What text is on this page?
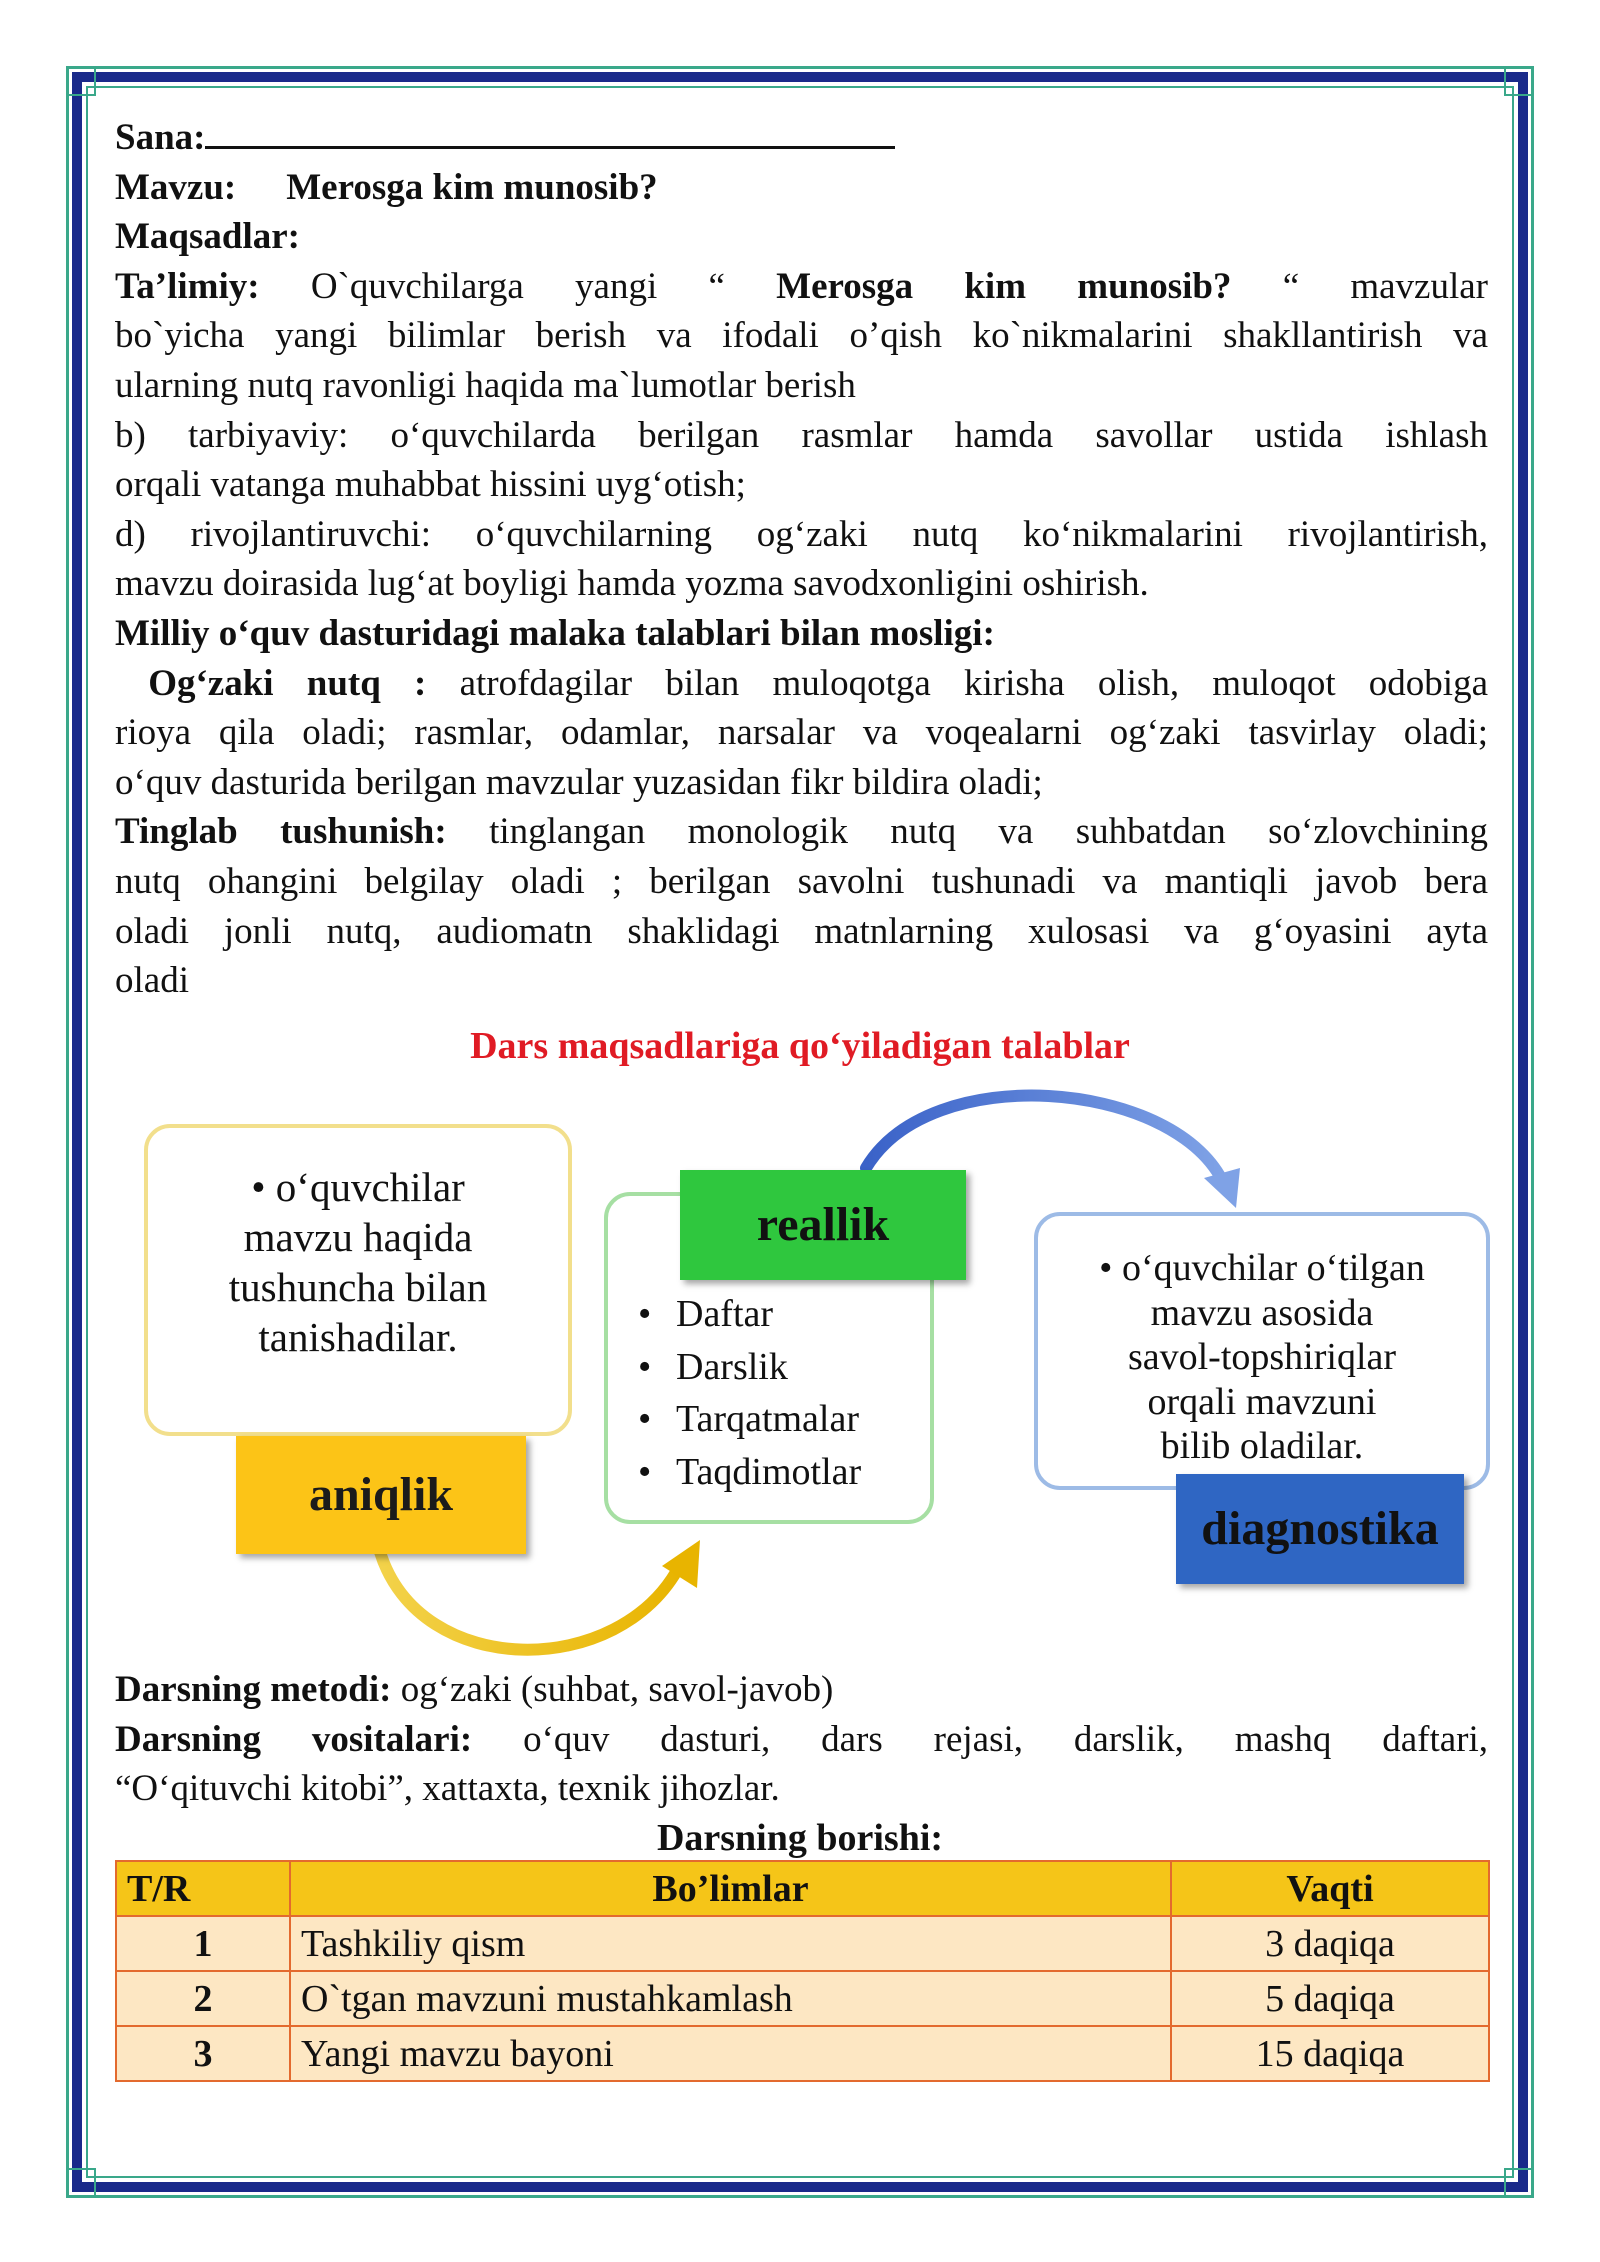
Sana:

Mavzu: Merosga kim munosib?

Maqsadlar:

Ta’limiy: O`quvchilarga yangi “ Merosga kim munosib? “ mavzular

bo`yicha yangi bilimlar berish va ifodali o’qish ko`nikmalarini shakllantirish va

ularning nutq ravonligi haqida ma`lumotlar berish

b) tarbiyaviy: o‘quvchilarda berilgan rasmlar hamda savollar ustida ishlash

orqali vatanga muhabbat hissini uyg‘otish;

d) rivojlantiruvchi: o‘quvchilarning og‘zaki nutq ko‘nikmalarini rivojlantirish,

mavzu doirasida lug‘at boyligi hamda yozma savodxonligini oshirish.

Milliy o‘quv dasturidagi malaka talablari bilan mosligi:

Og‘zaki nutq : atrofdagilar bilan muloqotga kirisha olish, muloqot odobiga

rioya qila oladi; rasmlar, odamlar, narsalar va voqealarni og‘zaki tasvirlay oladi;

o‘quv dasturida berilgan mavzular yuzasidan fikr bildira oladi;

Tinglab tushunish: tinglangan monologik nutq va suhbatdan so‘zlovchining

nutq ohangini belgilay oladi ; berilgan savolni tushunadi va mantiqli javob bera

oladi jonli nutq, audiomatn shaklidagi matnlarning xulosasi va g‘oyasini ayta

oladi

Dars maqsadlariga qo‘yiladigan talablar
• o‘quvchilar
mavzu haqida
tushuncha bilan
tanishadilar.	• Daftar
• Darslik
• Tarqatmalar
• Taqdimotlar
• o‘quvchilar o‘tilgan
mavzu asosida
savol-topshiriqlar
orqali mavzuni
bilib oladilar.
aniqlik
reallik
diagnostika

Darsning metodi: og‘zaki (suhbat, savol-javob)

Darsning vositalari: o‘quv dasturi, dars rejasi, darslik, mashq daftari,

“O‘qituvchi kitobi”, xattaxta, texnik jihozlar.

Darsning borishi:
T/R	Bo’limlar	Vaqti
1	Tashkiliy qism	3 daqiqa
2	O`tgan mavzuni mustahkamlash	5 daqiqa
3	Yangi mavzu bayoni	15 daqiqa
